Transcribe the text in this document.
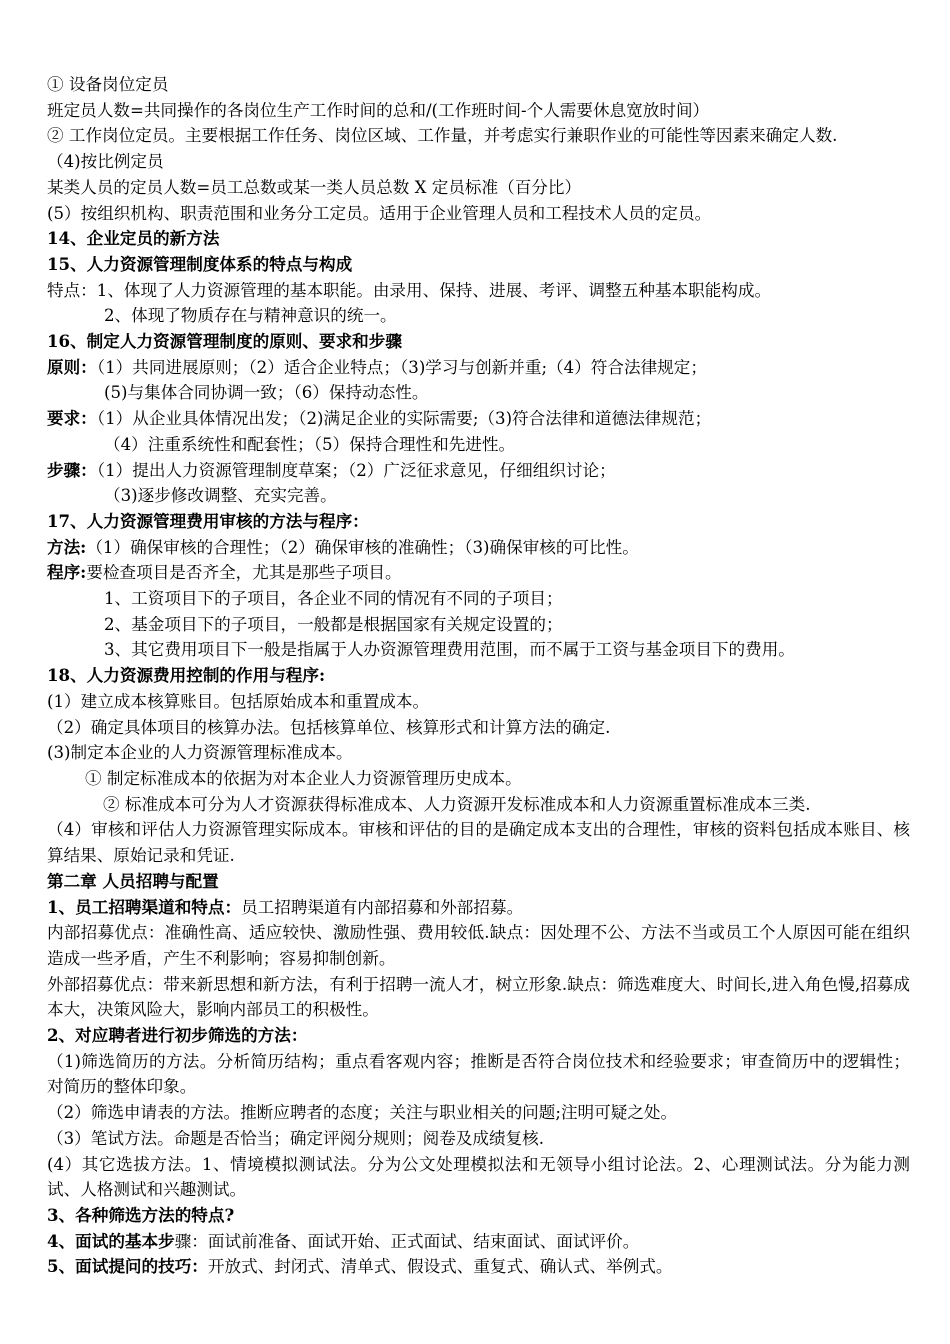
① 设备岗位定员
班定员人数=共同操作的各岗位生产工作时间的总和/(工作班时间-个人需要休息宽放时间）
② 工作岗位定员。主要根据工作任务、岗位区域、工作量，并考虑实行兼职作业的可能性等因素来确定人数.
（4)按比例定员
某类人员的定员人数=员工总数或某一类人员总数 X 定员标准（百分比）
(5）按组织机构、职责范围和业务分工定员。适用于企业管理人员和工程技术人员的定员。
14、企业定员的新方法
15、人力资源管理制度体系的特点与构成
特点：1、体现了人力资源管理的基本职能。由录用、保持、进展、考评、调整五种基本职能构成。
2、体现了物质存在与精神意识的统一。
16、制定人力资源管理制度的原则、要求和步骤
原则：（1）共同进展原则；（2）适合企业特点；（3)学习与创新并重;（4）符合法律规定；
(5)与集体合同协调一致；（6）保持动态性。
要求：（1）从企业具体情况出发；（2)满足企业的实际需要;（3)符合法律和道德法律规范；
（4）注重系统性和配套性；（5）保持合理性和先进性。
步骤：（1）提出人力资源管理制度草案；（2）广泛征求意见，仔细组织讨论；
（3)逐步修改调整、充实完善。
17、人力资源管理费用审核的方法与程序：
方法:（1）确保审核的合理性；（2）确保审核的准确性；（3)确保审核的可比性。
程序:要检查项目是否齐全，尤其是那些子项目。
1、工资项目下的子项目，各企业不同的情况有不同的子项目；
2、基金项目下的子项目，一般都是根据国家有关规定设置的；
3、其它费用项目下一般是指属于人办资源管理费用范围，而不属于工资与基金项目下的费用。
18、人力资源费用控制的作用与程序:
(1）建立成本核算账目。包括原始成本和重置成本。
（2）确定具体项目的核算办法。包括核算单位、核算形式和计算方法的确定.
(3)制定本企业的人力资源管理标准成本。
① 制定标准成本的依据为对本企业人力资源管理历史成本。
② 标准成本可分为人才资源获得标准成本、人力资源开发标准成本和人力资源重置标准成本三类.
（4）审核和评估人力资源管理实际成本。审核和评估的目的是确定成本支出的合理性，审核的资料包括成本账目、核算结果、原始记录和凭证.
第二章 人员招聘与配置
1、员工招聘渠道和特点：员工招聘渠道有内部招募和外部招募。
内部招募优点：准确性高、适应较快、激励性强、费用较低.缺点：因处理不公、方法不当或员工个人原因可能在组织造成一些矛盾，产生不利影响；容易抑制创新。
外部招募优点：带来新思想和新方法，有利于招聘一流人才，树立形象.缺点：筛选难度大、时间长,进入角色慢,招募成本大，决策风险大，影响内部员工的积极性。
2、对应聘者进行初步筛选的方法：
（1)筛选简历的方法。分析简历结构；重点看客观内容；推断是否符合岗位技术和经验要求；审查简历中的逻辑性；对简历的整体印象。
（2）筛选申请表的方法。推断应聘者的态度；关注与职业相关的问题;注明可疑之处。
（3）笔试方法。命题是否恰当；确定评阅分规则；阅卷及成绩复核.
(4）其它选拔方法。1、情境模拟测试法。分为公文处理模拟法和无领导小组讨论法。2、心理测试法。分为能力测试、人格测试和兴趣测试。
3、各种筛选方法的特点?
4、面试的基本步骤：面试前准备、面试开始、正式面试、结束面试、面试评价。
5、面试提问的技巧：开放式、封闭式、清单式、假设式、重复式、确认式、举例式。
